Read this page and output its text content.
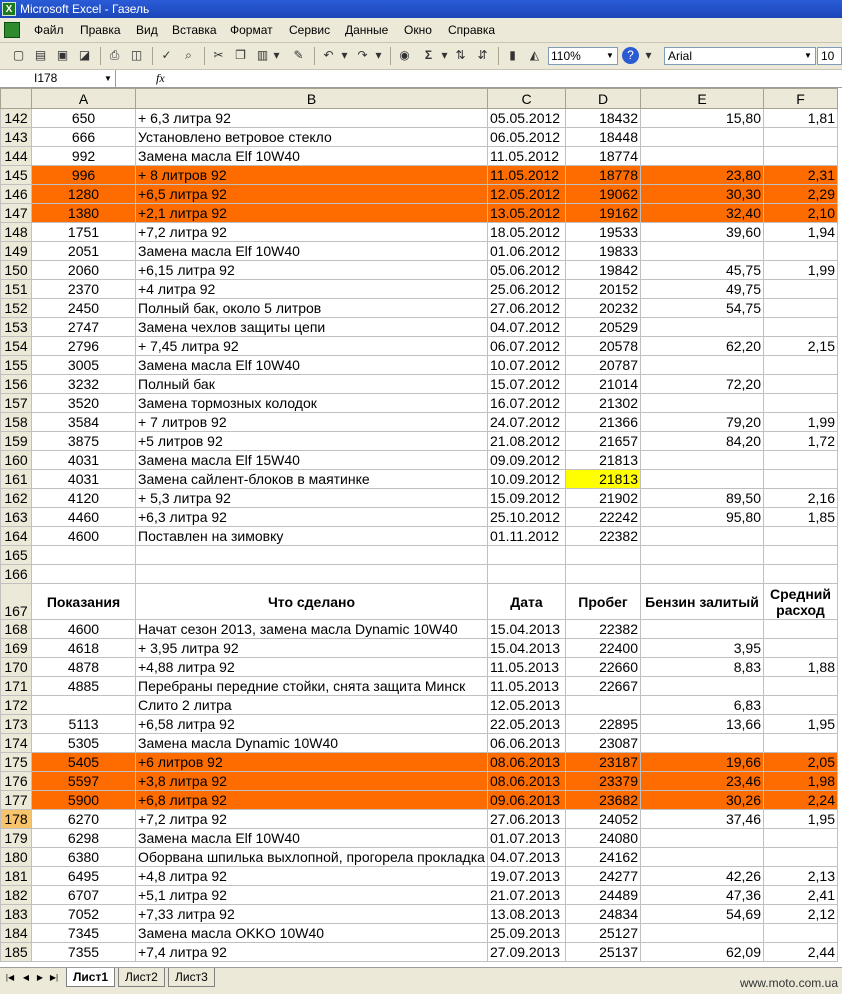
X Microsoft Excel - Газель
Файл Правка Вид Вставка Формат Сервис Данные Окно Справка
▢ ▤ ▣ ◪	⎙ ◫ ✓	⌕	✂ ❐ ▥ ▾	✎ ↶ ▾ ↷ ▾	◉	Σ ▾ ⇅ ⇵	▮	◭ 110%	▼	? ▾	Arial	▼ 10
I178	▼	fx
	A	B	C	D	E	F
142	650	+ 6,3 литра 92	05.05.2012	18432	15,80	1,81
143	666	Установлено ветровое стекло	06.05.2012	18448		
144	992	Замена масла Elf 10W40	11.05.2012	18774		
145	996	+ 8 литров 92	11.05.2012	18778	23,80	2,31
146	1280	+6,5 литра 92	12.05.2012	19062	30,30	2,29
147	1380	+2,1 литра 92	13.05.2012	19162	32,40	2,10
148	1751	+7,2 литра 92	18.05.2012	19533	39,60	1,94
149	2051	Замена масла Elf 10W40	01.06.2012	19833		
150	2060	+6,15 литра 92	05.06.2012	19842	45,75	1,99
151	2370	+4 литра 92	25.06.2012	20152	49,75	
152	2450	Полный бак, около 5 литров	27.06.2012	20232	54,75	
153	2747	Замена чехлов защиты цепи	04.07.2012	20529		
154	2796	+ 7,45 литра 92	06.07.2012	20578	62,20	2,15
155	3005	Замена масла Elf 10W40	10.07.2012	20787		
156	3232	Полный бак	15.07.2012	21014	72,20	
157	3520	Замена тормозных колодок	16.07.2012	21302		
158	3584	+ 7 литров 92	24.07.2012	21366	79,20	1,99
159	3875	+5 литров 92	21.08.2012	21657	84,20	1,72
160	4031	Замена масла Elf 15W40	09.09.2012	21813		
161	4031	Замена сайлент-блоков в маятинке	10.09.2012	21813		
162	4120	+ 5,3 литра 92	15.09.2012	21902	89,50	2,16
163	4460	+6,3 литра 92	25.10.2012	22242	95,80	1,85
164	4600	Поставлен на зимовку	01.11.2012	22382		
165						
166						
167	Показания	Что сделано	Дата	Пробег	Бензин залитый	Средний расход
168	4600	Начат сезон 2013, замена масла Dynamic 10W40	15.04.2013	22382		
169	4618	+ 3,95 литра 92	15.04.2013	22400	3,95	
170	4878	+4,88 литра 92	11.05.2013	22660	8,83	1,88
171	4885	Перебраны передние стойки, снята защита Минск	11.05.2013	22667		
172		Слито 2 литра	12.05.2013		6,83	
173	5113	+6,58 литра 92	22.05.2013	22895	13,66	1,95
174	5305	Замена масла Dynamic 10W40	06.06.2013	23087		
175	5405	+6 литров 92	08.06.2013	23187	19,66	2,05
176	5597	+3,8 литра 92	08.06.2013	23379	23,46	1,98
177	5900	+6,8 литра 92	09.06.2013	23682	30,26	2,24
178	6270	+7,2 литра 92	27.06.2013	24052	37,46	1,95
179	6298	Замена масла Elf 10W40	01.07.2013	24080		
180	6380	Оборвана шпилька выхлопной, прогорела прокладка	04.07.2013	24162		
181	6495	+4,8 литра 92	19.07.2013	24277	42,26	2,13
182	6707	+5,1 литра 92	21.07.2013	24489	47,36	2,41
183	7052	+7,33 литра 92	13.08.2013	24834	54,69	2,12
184	7345	Замена масла OKKO 10W40	25.09.2013	25127		
185	7355	+7,4 литра 92	27.09.2013	25137	62,09	2,44
|◀	◀ ▶ ▶|	Лист1	Лист2	Лист3	www.moto.com.ua
